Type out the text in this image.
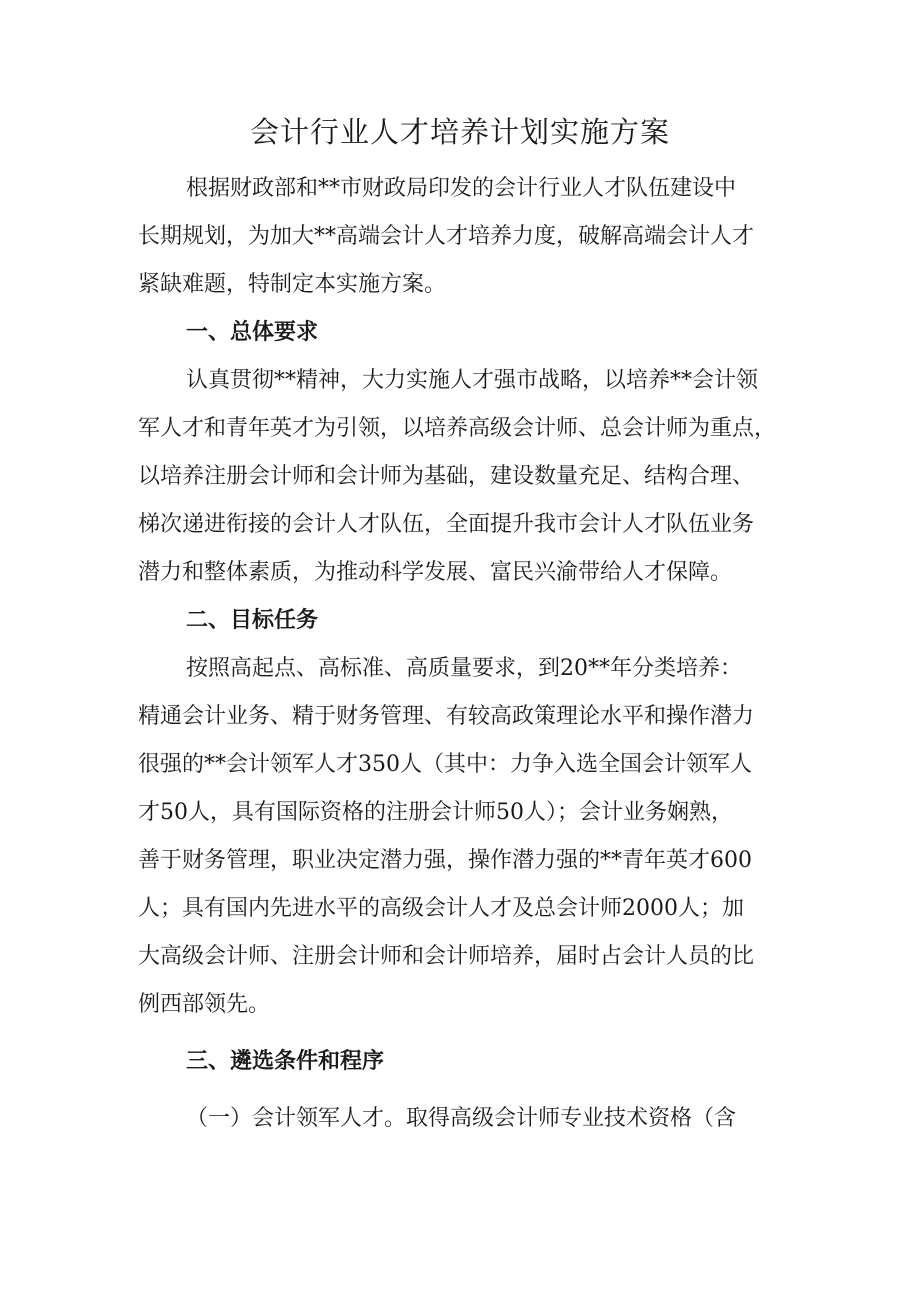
会计行业人才培养计划实施方案
根据财政部和**市财政局印发的会计行业人才队伍建设中
长期规划，为加大**高端会计人才培养力度，破解高端会计人才
紧缺难题，特制定本实施方案。
一、总体要求
认真贯彻**精神，大力实施人才强市战略，以培养**会计领
军人才和青年英才为引领，以培养高级会计师、总会计师为重点，
以培养注册会计师和会计师为基础，建设数量充足、结构合理、
梯次递进衔接的会计人才队伍，全面提升我市会计人才队伍业务
潜力和整体素质，为推动科学发展、富民兴渝带给人才保障。
二、目标任务
按照高起点、高标准、高质量要求，到20**年分类培养：
精通会计业务、精于财务管理、有较高政策理论水平和操作潜力
很强的**会计领军人才350人（其中：力争入选全国会计领军人
才50人，具有国际资格的注册会计师50人）；会计业务娴熟，
善于财务管理，职业决定潜力强，操作潜力强的**青年英才600
人；具有国内先进水平的高级会计人才及总会计师2000人；加
大高级会计师、注册会计师和会计师培养，届时占会计人员的比
例西部领先。
三、遴选条件和程序

（一）会计领军人才。取得高级会计师专业技术资格（含
